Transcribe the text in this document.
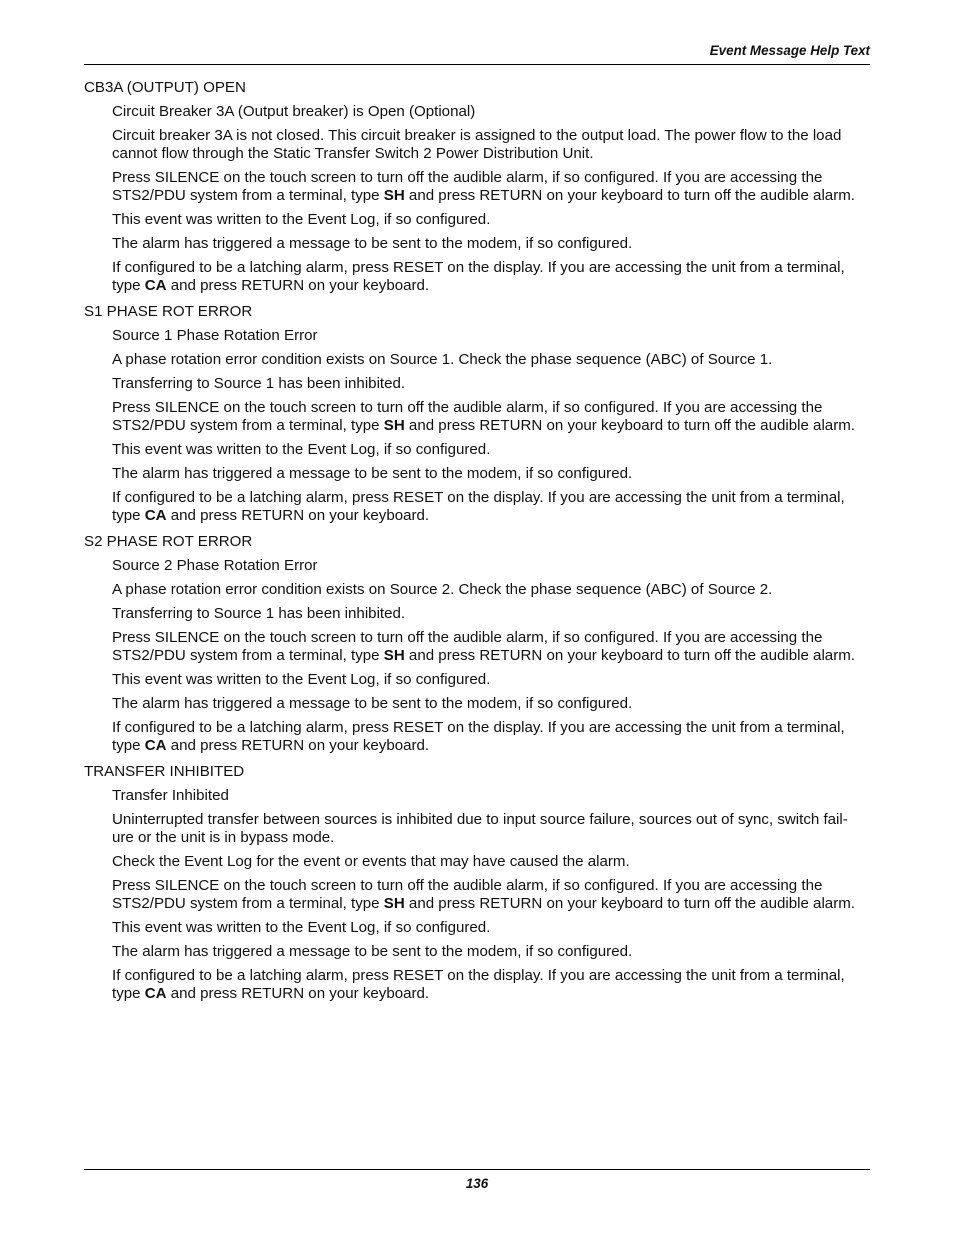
Event Message Help Text
CB3A (OUTPUT) OPEN

Circuit Breaker 3A (Output breaker) is Open (Optional)

Circuit breaker 3A is not closed. This circuit breaker is assigned to the output load. The power flow to the load cannot flow through the Static Transfer Switch 2 Power Distribution Unit.

Press SILENCE on the touch screen to turn off the audible alarm, if so configured. If you are accessing the STS2/PDU system from a terminal, type SH and press RETURN on your keyboard to turn off the audible alarm.

This event was written to the Event Log, if so configured.

The alarm has triggered a message to be sent to the modem, if so configured.

If configured to be a latching alarm, press RESET on the display. If you are accessing the unit from a terminal, type CA and press RETURN on your keyboard.

S1 PHASE ROT ERROR

Source 1 Phase Rotation Error

A phase rotation error condition exists on Source 1. Check the phase sequence (ABC) of Source 1.

Transferring to Source 1 has been inhibited.

Press SILENCE on the touch screen to turn off the audible alarm, if so configured. If you are accessing the STS2/PDU system from a terminal, type SH and press RETURN on your keyboard to turn off the audible alarm.

This event was written to the Event Log, if so configured.

The alarm has triggered a message to be sent to the modem, if so configured.

If configured to be a latching alarm, press RESET on the display. If you are accessing the unit from a terminal, type CA and press RETURN on your keyboard.

S2 PHASE ROT ERROR

Source 2 Phase Rotation Error

A phase rotation error condition exists on Source 2. Check the phase sequence (ABC) of Source 2.

Transferring to Source 1 has been inhibited.

Press SILENCE on the touch screen to turn off the audible alarm, if so configured. If you are accessing the STS2/PDU system from a terminal, type SH and press RETURN on your keyboard to turn off the audible alarm.

This event was written to the Event Log, if so configured.

The alarm has triggered a message to be sent to the modem, if so configured.

If configured to be a latching alarm, press RESET on the display. If you are accessing the unit from a terminal, type CA and press RETURN on your keyboard.

TRANSFER INHIBITED

Transfer Inhibited

Uninterrupted transfer between sources is inhibited due to input source failure, sources out of sync, switch fail- ure or the unit is in bypass mode.

Check the Event Log for the event or events that may have caused the alarm.

Press SILENCE on the touch screen to turn off the audible alarm, if so configured. If you are accessing the STS2/PDU system from a terminal, type SH and press RETURN on your keyboard to turn off the audible alarm.

This event was written to the Event Log, if so configured.

The alarm has triggered a message to be sent to the modem, if so configured.

If configured to be a latching alarm, press RESET on the display. If you are accessing the unit from a terminal, type CA and press RETURN on your keyboard.

136
